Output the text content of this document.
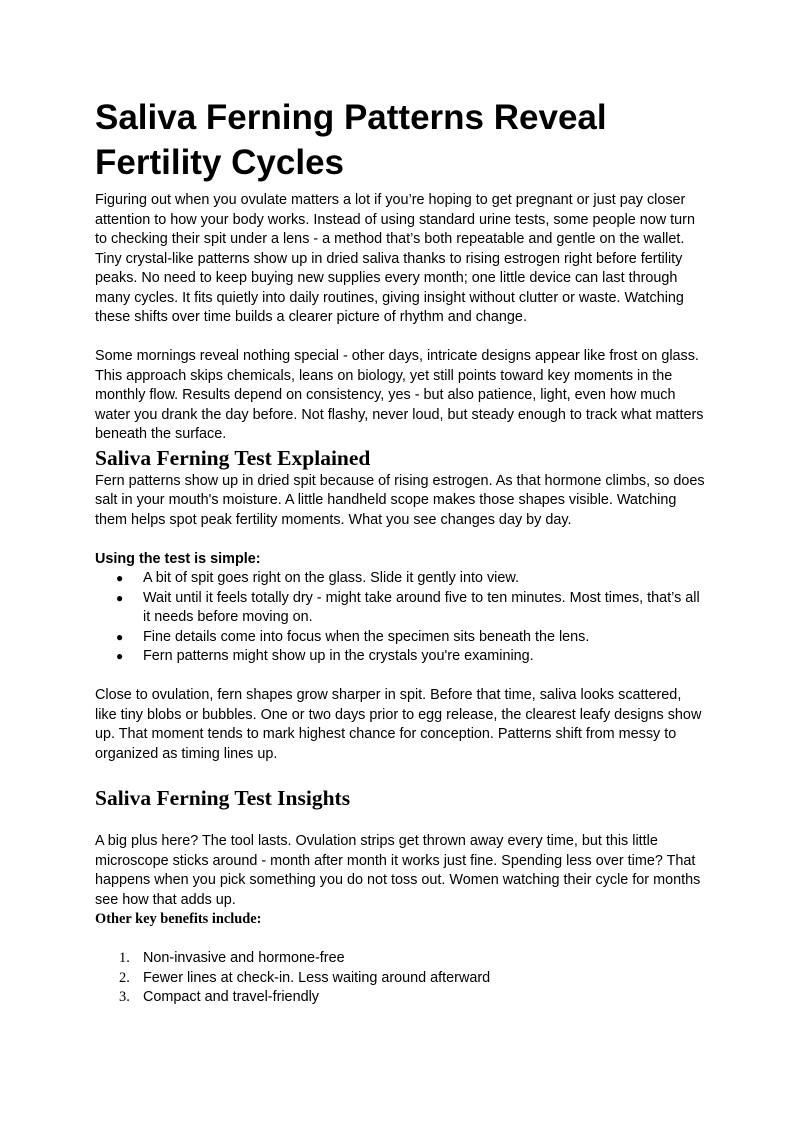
Saliva Ferning Patterns Reveal Fertility Cycles

Figuring out when you ovulate matters a lot if you’re hoping to get pregnant or just pay closer attention to how your body works. Instead of using standard urine tests, some people now turn to checking their spit under a lens - a method that’s both repeatable and gentle on the wallet. Tiny crystal-like patterns show up in dried saliva thanks to rising estrogen right before fertility peaks. No need to keep buying new supplies every month; one little device can last through many cycles. It fits quietly into daily routines, giving insight without clutter or waste. Watching these shifts over time builds a clearer picture of rhythm and change.

Some mornings reveal nothing special - other days, intricate designs appear like frost on glass. This approach skips chemicals, leans on biology, yet still points toward key moments in the monthly flow. Results depend on consistency, yes - but also patience, light, even how much water you drank the day before. Not flashy, never loud, but steady enough to track what matters beneath the surface.

Saliva Ferning Test Explained

Fern patterns show up in dried spit because of rising estrogen. As that hormone climbs, so does salt in your mouth's moisture. A little handheld scope makes those shapes visible. Watching them helps spot peak fertility moments. What you see changes day by day.

Using the test is simple:

● A bit of spit goes right on the glass. Slide it gently into view.
● Wait until it feels totally dry - might take around five to ten minutes. Most times, that’s all it needs before moving on.
● Fine details come into focus when the specimen sits beneath the lens.
● Fern patterns might show up in the crystals you're examining.

Close to ovulation, fern shapes grow sharper in spit. Before that time, saliva looks scattered, like tiny blobs or bubbles. One or two days prior to egg release, the clearest leafy designs show up. That moment tends to mark highest chance for conception. Patterns shift from messy to organized as timing lines up.

Saliva Ferning Test Insights

A big plus here? The tool lasts. Ovulation strips get thrown away every time, but this little microscope sticks around - month after month it works just fine. Spending less over time? That happens when you pick something you do not toss out. Women watching their cycle for months see how that adds up.

Other key benefits include:

1. Non-invasive and hormone-free
2. Fewer lines at check-in. Less waiting around afterward
3. Compact and travel-friendly
